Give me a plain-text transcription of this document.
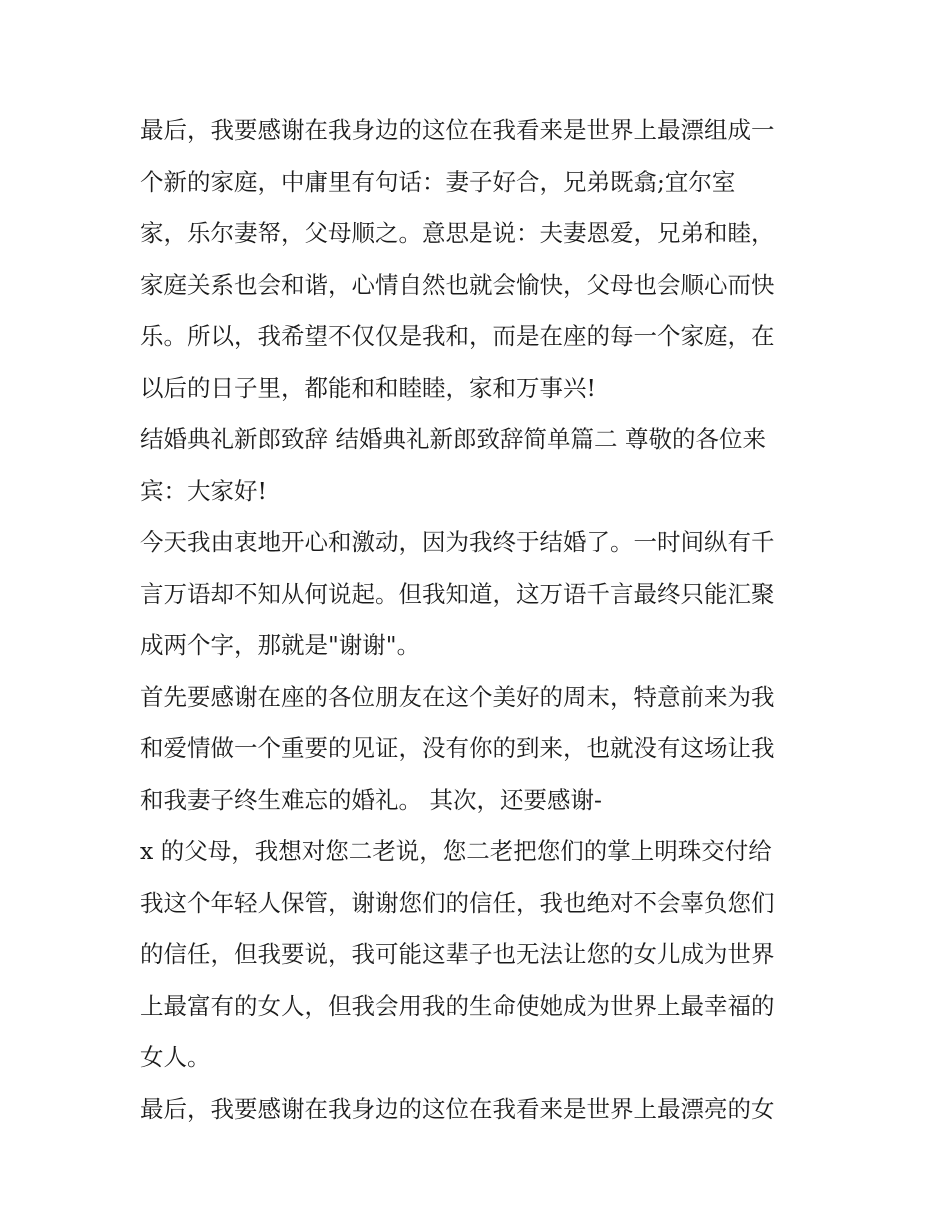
最后，我要感谢在我身边的这位在我看来是世界上最漂组成一
个新的家庭，中庸里有句话：妻子好合，兄弟既翕;宜尔室
家，乐尔妻帑，父母顺之。意思是说：夫妻恩爱，兄弟和睦，
家庭关系也会和谐，心情自然也就会愉快，父母也会顺心而快
乐。所以，我希望不仅仅是我和，而是在座的每一个家庭，在
以后的日子里，都能和和睦睦，家和万事兴!
结婚典礼新郎致辞 结婚典礼新郎致辞简单篇二 尊敬的各位来
宾：大家好!
今天我由衷地开心和激动，因为我终于结婚了。一时间纵有千
言万语却不知从何说起。但我知道，这万语千言最终只能汇聚
成两个字，那就是"谢谢"。
首先要感谢在座的各位朋友在这个美好的周末，特意前来为我
和爱情做一个重要的见证，没有你的到来，也就没有这场让我
和我妻子终生难忘的婚礼。 其次，还要感谢-
x 的父母，我想对您二老说，您二老把您们的掌上明珠交付给
我这个年轻人保管，谢谢您们的信任，我也绝对不会辜负您们
的信任，但我要说，我可能这辈子也无法让您的女儿成为世界
上最富有的女人，但我会用我的生命使她成为世界上最幸福的
女人。
最后，我要感谢在我身边的这位在我看来是世界上最漂亮的女
